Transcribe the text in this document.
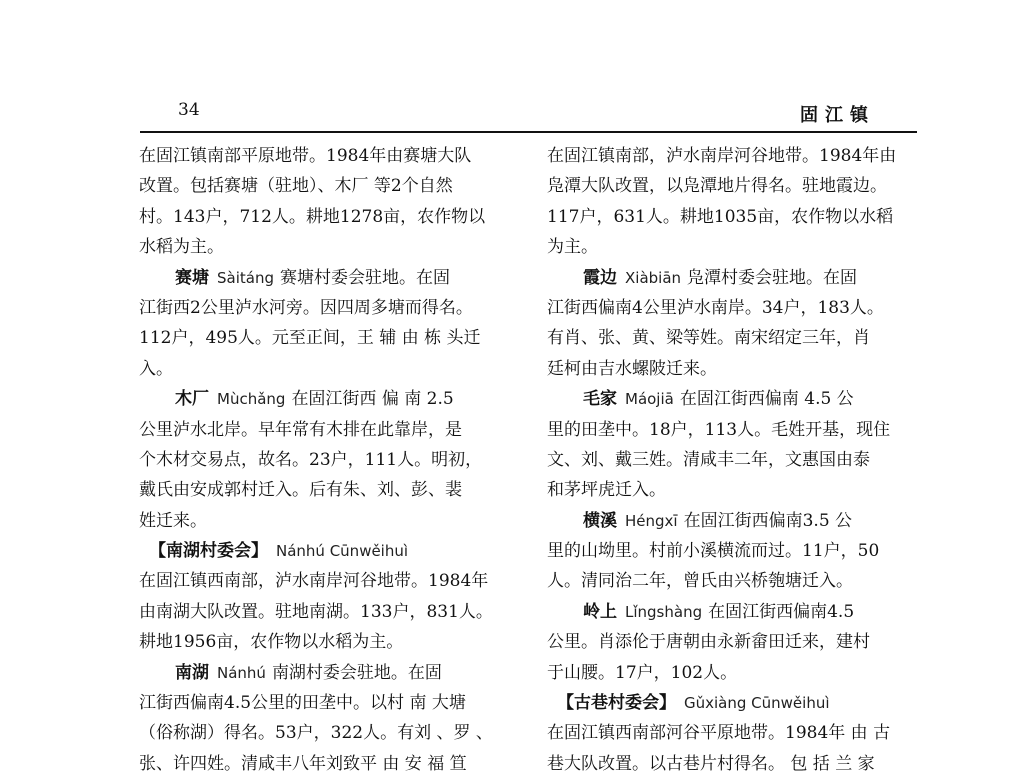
34	固江镇
在固江镇南部平原地带。1984年由赛塘大队
改置。包括赛塘（驻地）、木厂 等2个自然
村。143户，712人。耕地1278亩，农作物以
水稻为主。
赛塘 Sàitáng 赛塘村委会驻地。在固
江街西2公里泸水河旁。因四周多塘而得名。
112户，495人。元至正间，王 辅 由 栋 头迁
入。
木厂 Mùchǎng 在固江街西 偏 南 2.5
公里泸水北岸。早年常有木排在此靠岸，是
个木材交易点，故名。23户，111人。明初，
戴氏由安成郭村迁入。后有朱、刘、彭、裴
姓迁来。
【南湖村委会】 Nánhú Cūnwěihuì
在固江镇西南部，泸水南岸河谷地带。1984年
由南湖大队改置。驻地南湖。133户，831人。
耕地1956亩，农作物以水稻为主。
南湖 Nánhú 南湖村委会驻地。在固
江街西偏南4.5公里的田垄中。以村 南 大塘
（俗称湖）得名。53户，322人。有刘 、罗 、
张、许四姓。清咸丰八年刘致平 由 安 福 笪
在固江镇南部，泸水南岸河谷地带。1984年由
凫潭大队改置，以凫潭地片得名。驻地霞边。
117户，631人。耕地1035亩，农作物以水稻
为主。
霞边 Xiàbiān 凫潭村委会驻地。在固
江街西偏南4公里泸水南岸。34户，183人。
有肖、张、黄、梁等姓。南宋绍定三年，肖
廷柯由吉水螺陂迁来。
毛家 Máojiā 在固江街西偏南 4.5 公
里的田垄中。18户，113人。毛姓开基，现住
文、刘、戴三姓。清咸丰二年，文惠国由泰
和茅坪虎迁入。
横溪 Héngxī 在固江街西偏南3.5 公
里的山坳里。村前小溪横流而过。11户，50
人。清同治二年，曾氏由兴桥匏塘迁入。
岭上 Lǐngshàng 在固江街西偏南4.5
公里。肖添伦于唐朝由永新畲田迁来，建村
于山腰。17户，102人。
【古巷村委会】 Gǔxiàng Cūnwěihuì
在固江镇西南部河谷平原地带。1984年 由 古
巷大队改置。以古巷片村得名。 包 括 兰 家
